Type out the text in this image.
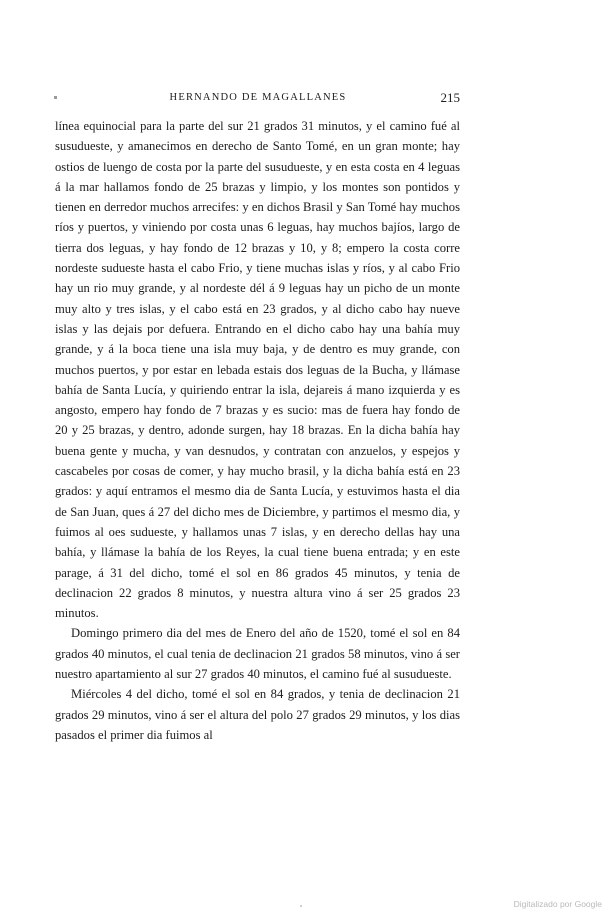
HERNANDO DE MAGALLANES	215

línea equinocial para la parte del sur 21 grados 31 minutos, y el camino fué al susudueste, y amanecimos en derecho de Santo Tomé, en un gran monte; hay ostios de luengo de costa por la parte del susudueste, y en esta costa en 4 leguas á la mar hallamos fondo de 25 brazas y limpio, y los montes son pontidos y tienen en derredor muchos arrecifes: y en dichos Brasil y San Tomé hay muchos ríos y puertos, y viniendo por costa unas 6 leguas, hay muchos bajíos, largo de tierra dos leguas, y hay fondo de 12 brazas y 10, y 8; empero la costa corre nordeste sudueste hasta el cabo Frio, y tiene muchas islas y ríos, y al cabo Frio hay un rio muy grande, y al nordeste dél á 9 leguas hay un picho de un monte muy alto y tres islas, y el cabo está en 23 grados, y al dicho cabo hay nueve islas y las dejais por defuera. Entrando en el dicho cabo hay una bahía muy grande, y á la boca tiene una isla muy baja, y de dentro es muy grande, con muchos puertos, y por estar en lebada estais dos leguas de la Bucha, y llámase bahía de Santa Lucía, y quiriendo entrar la isla, dejareis á mano izquierda y es angosto, empero hay fondo de 7 brazas y es sucio: mas de fuera hay fondo de 20 y 25 brazas, y dentro, adonde surgen, hay 18 brazas. En la dicha bahía hay buena gente y mucha, y van desnudos, y contratan con anzuelos, y espejos y cascabeles por cosas de comer, y hay mucho brasil, y la dicha bahía está en 23 grados: y aquí entramos el mesmo dia de Santa Lucía, y estuvimos hasta el dia de San Juan, ques á 27 del dicho mes de Diciembre, y partimos el mesmo dia, y fuimos al oes sudueste, y hallamos unas 7 islas, y en derecho dellas hay una bahía, y llámase la bahía de los Reyes, la cual tiene buena entrada; y en este parage, á 31 del dicho, tomé el sol en 86 grados 45 minutos, y tenia de declinacion 22 grados 8 minutos, y nuestra altura vino á ser 25 grados 23 minutos.

Domingo primero dia del mes de Enero del año de 1520, tomé el sol en 84 grados 40 minutos, el cual tenia de declinacion 21 grados 58 minutos, vino á ser nuestro apartamiento al sur 27 grados 40 minutos, el camino fué al susudueste.

Miércoles 4 del dicho, tomé el sol en 84 grados, y tenia de declinacion 21 grados 29 minutos, vino á ser el altura del polo 27 grados 29 minutos, y los dias pasados el primer dia fuimos al

Digitalizado por Google
